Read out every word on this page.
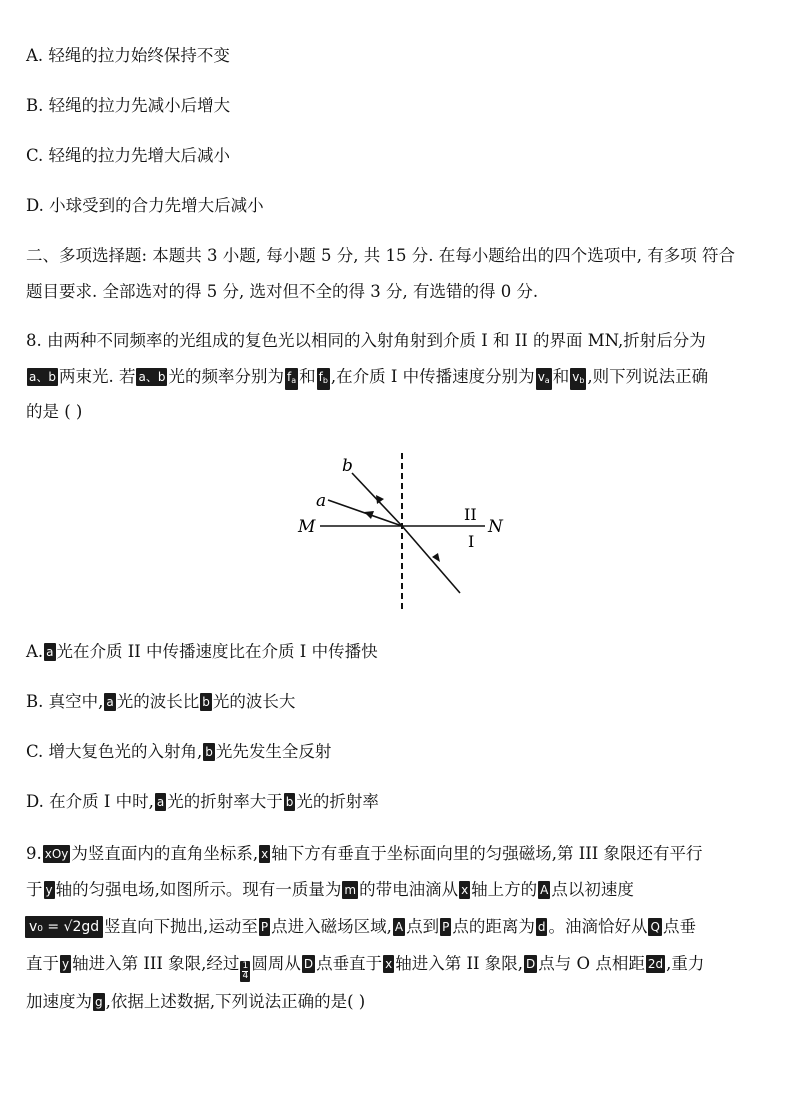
A. 轻绳的拉力始终保持不变
B. 轻绳的拉力先减小后增大
C. 轻绳的拉力先增大后减小
D. 小球受到的合力先增大后减小
二、多项选择题: 本题共 3 小题, 每小题 5 分, 共 15 分. 在每小题给出的四个选项中, 有多项 符合
题目要求. 全部选对的得 5 分, 选对但不全的得 3 分, 有选错的得 0 分.
8. 由两种不同频率的光组成的复色光以相同的入射角射到介质 I 和 II 的界面 MN,折射后分为
a、b 两束光. 若 a、b 光的频率分别为 $f_a$ 和 $f_b$ ,在介质 I 中传播速度分别为 $v_a$ 和 $v_b$ ,则下列说法正确
的是 ( )
b
a
M	N
II
I
A. a 光在介质 II 中传播速度比在介质 I 中传播快
B. 真空中, a 光的波长比 b 光的波长大
C. 增大复色光的入射角, b 光先发生全反射
D. 在介质 I 中时, a 光的折射率大于 b 光的折射率
9. xOy 为竖直面内的直角坐标系, x 轴下方有垂直于坐标面向里的匀强磁场,第 III 象限还有平行
于 y 轴的匀强电场,如图所示。现有一质量为 m 的带电油滴从 x 轴上方的 A 点以初速度
v₀ = √2gd 竖直向下抛出,运动至 P 点进入磁场区域, A 点到 P 点的距离为 d 。油滴恰好从 Q 点垂
直于 y 轴进入第 III 象限,经过 $\frac{1}{4}$ 圆周从 D 点垂直于 x 轴进入第 II 象限, D 点与 O 点相距 2d ,重力
加速度为 g ,依据上述数据,下列说法正确的是( )
